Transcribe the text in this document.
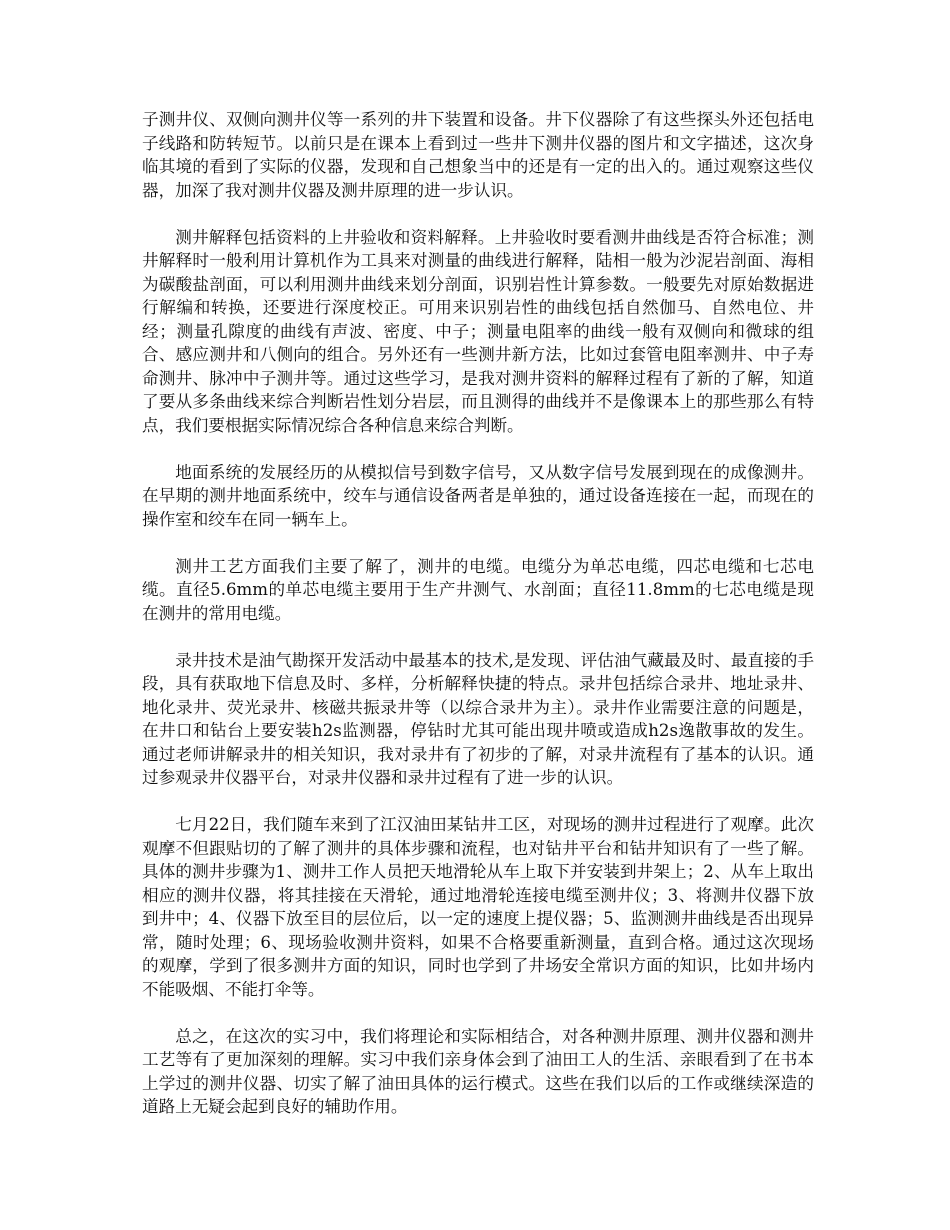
子测井仪、双侧向测井仪等一系列的井下装置和设备。井下仪器除了有这些探头外还包括电子线路和防转短节。以前只是在课本上看到过一些井下测井仪器的图片和文字描述，这次身临其境的看到了实际的仪器，发现和自己想象当中的还是有一定的出入的。通过观察这些仪器，加深了我对测井仪器及测井原理的进一步认识。

测井解释包括资料的上井验收和资料解释。上井验收时要看测井曲线是否符合标准；测井解释时一般利用计算机作为工具来对测量的曲线进行解释，陆相一般为沙泥岩剖面、海相为碳酸盐剖面，可以利用测井曲线来划分剖面，识别岩性计算参数。一般要先对原始数据进行解编和转换，还要进行深度校正。可用来识别岩性的曲线包括自然伽马、自然电位、井经；测量孔隙度的曲线有声波、密度、中子；测量电阻率的曲线一般有双侧向和微球的组合、感应测井和八侧向的组合。另外还有一些测井新方法，比如过套管电阻率测井、中子寿命测井、脉冲中子测井等。通过这些学习，是我对测井资料的解释过程有了新的了解，知道了要从多条曲线来综合判断岩性划分岩层，而且测得的曲线并不是像课本上的那些那么有特点，我们要根据实际情况综合各种信息来综合判断。

地面系统的发展经历的从模拟信号到数字信号，又从数字信号发展到现在的成像测井。在早期的测井地面系统中，绞车与通信设备两者是单独的，通过设备连接在一起，而现在的操作室和绞车在同一辆车上。

测井工艺方面我们主要了解了，测井的电缆。电缆分为单芯电缆，四芯电缆和七芯电缆。直径5.6mm的单芯电缆主要用于生产井测气、水剖面；直径11.8mm的七芯电缆是现在测井的常用电缆。

录井技术是油气勘探开发活动中最基本的技术,是发现、评估油气藏最及时、最直接的手段，具有获取地下信息及时、多样，分析解释快捷的特点。录井包括综合录井、地址录井、地化录井、荧光录井、核磁共振录井等（以综合录井为主）。录井作业需要注意的问题是，在井口和钻台上要安装h2s监测器，停钻时尤其可能出现井喷或造成h2s逸散事故的发生。通过老师讲解录井的相关知识，我对录井有了初步的了解，对录井流程有了基本的认识。通过参观录井仪器平台，对录井仪器和录井过程有了进一步的认识。

七月22日，我们随车来到了江汉油田某钻井工区，对现场的测井过程进行了观摩。此次观摩不但跟贴切的了解了测井的具体步骤和流程，也对钻井平台和钻井知识有了一些了解。具体的测井步骤为1、测井工作人员把天地滑轮从车上取下并安装到井架上；2、从车上取出相应的测井仪器，将其挂接在天滑轮，通过地滑轮连接电缆至测井仪；3、将测井仪器下放到井中；4、仪器下放至目的层位后，以一定的速度上提仪器；5、监测测井曲线是否出现异常，随时处理；6、现场验收测井资料，如果不合格要重新测量，直到合格。通过这次现场的观摩，学到了很多测井方面的知识，同时也学到了井场安全常识方面的知识，比如井场内不能吸烟、不能打伞等。

总之，在这次的实习中，我们将理论和实际相结合，对各种测井原理、测井仪器和测井工艺等有了更加深刻的理解。实习中我们亲身体会到了油田工人的生活、亲眼看到了在书本上学过的测井仪器、切实了解了油田具体的运行模式。这些在我们以后的工作或继续深造的道路上无疑会起到良好的辅助作用。
